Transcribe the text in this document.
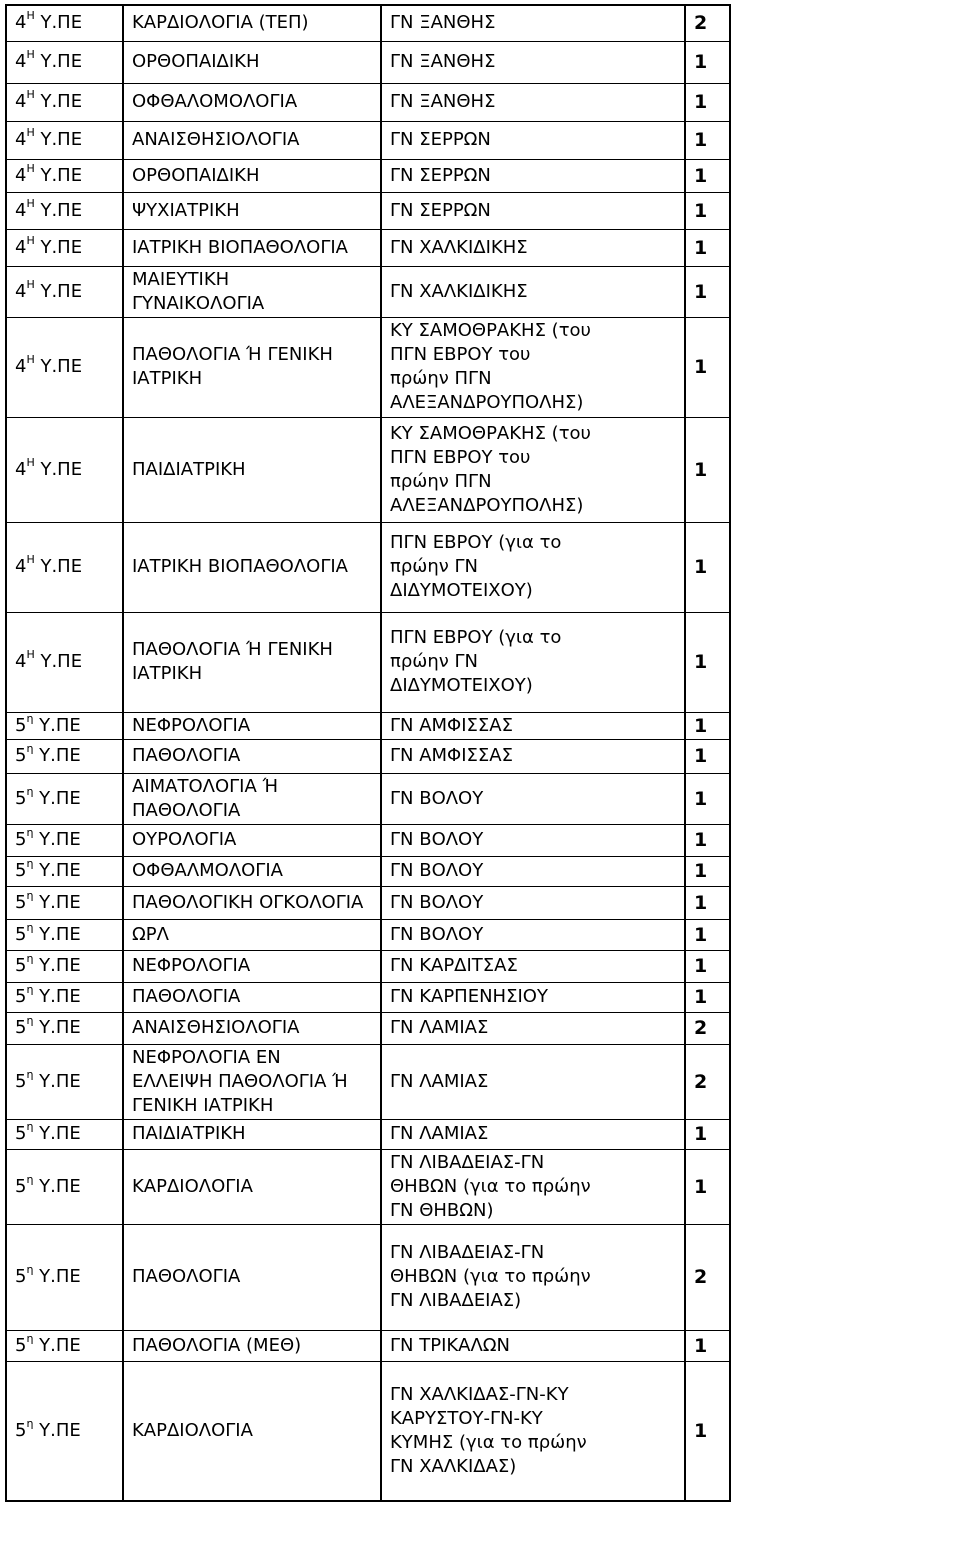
$4^H$ Υ.ΠΕ	ΚΑΡΔΙΟΛΟΓΙΑ (ΤΕΠ)	ΓΝ ΞΑΝΘΗΣ	2
$4^H$ Υ.ΠΕ	ΟΡΘΟΠΑΙΔΙΚΗ	ΓΝ ΞΑΝΘΗΣ	1
$4^H$ Υ.ΠΕ	ΟΦΘΑΛΟΜΟΛΟΓΙΑ	ΓΝ ΞΑΝΘΗΣ	1
$4^H$ Υ.ΠΕ	ΑΝΑΙΣΘΗΣΙΟΛΟΓΙΑ	ΓΝ ΣΕΡΡΩΝ	1
$4^H$ Υ.ΠΕ	ΟΡΘΟΠΑΙΔΙΚΗ	ΓΝ ΣΕΡΡΩΝ	1
$4^H$ Υ.ΠΕ	ΨΥΧΙΑΤΡΙΚΗ	ΓΝ ΣΕΡΡΩΝ	1
$4^H$ Υ.ΠΕ	ΙΑΤΡΙΚΗ ΒΙΟΠΑΘΟΛΟΓΙΑ	ΓΝ ΧΑΛΚΙΔΙΚΗΣ	1
$4^H$ Υ.ΠΕ	ΜΑΙΕΥΤΙΚΗ
ΓΥΝΑΙΚΟΛΟΓΙΑ	ΓΝ ΧΑΛΚΙΔΙΚΗΣ	1
$4^H$ Υ.ΠΕ	ΠΑΘΟΛΟΓΙΑ Ή ΓΕΝΙΚΗ
ΙΑΤΡΙΚΗ	ΚΥ ΣΑΜΟΘΡΑΚΗΣ (του
ΠΓΝ ΕΒΡΟΥ του
πρώην ΠΓΝ
ΑΛΕΞΑΝΔΡΟΥΠΟΛΗΣ)	1
$4^H$ Υ.ΠΕ	ΠΑΙΔΙΑΤΡΙΚΗ	ΚΥ ΣΑΜΟΘΡΑΚΗΣ (του
ΠΓΝ ΕΒΡΟΥ του
πρώην ΠΓΝ
ΑΛΕΞΑΝΔΡΟΥΠΟΛΗΣ)	1
$4^H$ Υ.ΠΕ	ΙΑΤΡΙΚΗ ΒΙΟΠΑΘΟΛΟΓΙΑ	ΠΓΝ ΕΒΡΟΥ (για το
πρώην ΓΝ
ΔΙΔΥΜΟΤΕΙΧΟΥ)	1
$4^H$ Υ.ΠΕ	ΠΑΘΟΛΟΓΙΑ Ή ΓΕΝΙΚΗ
ΙΑΤΡΙΚΗ	ΠΓΝ ΕΒΡΟΥ (για το
πρώην ΓΝ
ΔΙΔΥΜΟΤΕΙΧΟΥ)	1
$5^\eta$ Υ.ΠΕ	ΝΕΦΡΟΛΟΓΙΑ	ΓΝ ΑΜΦΙΣΣΑΣ	1
$5^\eta$ Υ.ΠΕ	ΠΑΘΟΛΟΓΙΑ	ΓΝ ΑΜΦΙΣΣΑΣ	1
$5^\eta$ Υ.ΠΕ	ΑΙΜΑΤΟΛΟΓΙΑ Ή
ΠΑΘΟΛΟΓΙΑ	ΓΝ ΒΟΛΟΥ	1
$5^\eta$ Υ.ΠΕ	ΟΥΡΟΛΟΓΙΑ	ΓΝ ΒΟΛΟΥ	1
$5^\eta$ Υ.ΠΕ	ΟΦΘΑΛΜΟΛΟΓΙΑ	ΓΝ ΒΟΛΟΥ	1
$5^\eta$ Υ.ΠΕ	ΠΑΘΟΛΟΓΙΚΗ ΟΓΚΟΛΟΓΙΑ	ΓΝ ΒΟΛΟΥ	1
$5^\eta$ Υ.ΠΕ	ΩΡΛ	ΓΝ ΒΟΛΟΥ	1
$5^\eta$ Υ.ΠΕ	ΝΕΦΡΟΛΟΓΙΑ	ΓΝ ΚΑΡΔΙΤΣΑΣ	1
$5^\eta$ Υ.ΠΕ	ΠΑΘΟΛΟΓΙΑ	ΓΝ ΚΑΡΠΕΝΗΣΙΟΥ	1
$5^\eta$ Υ.ΠΕ	ΑΝΑΙΣΘΗΣΙΟΛΟΓΙΑ	ΓΝ ΛΑΜΙΑΣ	2
$5^\eta$ Υ.ΠΕ	ΝΕΦΡΟΛΟΓΙΑ ΕΝ
ΕΛΛΕΙΨΗ ΠΑΘΟΛΟΓΙΑ Ή
ΓΕΝΙΚΗ ΙΑΤΡΙΚΗ	ΓΝ ΛΑΜΙΑΣ	2
$5^\eta$ Υ.ΠΕ	ΠΑΙΔΙΑΤΡΙΚΗ	ΓΝ ΛΑΜΙΑΣ	1
$5^\eta$ Υ.ΠΕ	ΚΑΡΔΙΟΛΟΓΙΑ	ΓΝ ΛΙΒΑΔΕΙΑΣ-ΓΝ
ΘΗΒΩΝ (για το πρώην
ΓΝ ΘΗΒΩΝ)	1
$5^\eta$ Υ.ΠΕ	ΠΑΘΟΛΟΓΙΑ	ΓΝ ΛΙΒΑΔΕΙΑΣ-ΓΝ
ΘΗΒΩΝ (για το πρώην
ΓΝ ΛΙΒΑΔΕΙΑΣ)	2
$5^\eta$ Υ.ΠΕ	ΠΑΘΟΛΟΓΙΑ (ΜΕΘ)	ΓΝ ΤΡΙΚΑΛΩΝ	1
$5^\eta$ Υ.ΠΕ	ΚΑΡΔΙΟΛΟΓΙΑ	ΓΝ ΧΑΛΚΙΔΑΣ-ΓΝ-ΚΥ
ΚΑΡΥΣΤΟΥ-ΓΝ-ΚΥ
ΚΥΜΗΣ (για το πρώην
ΓΝ ΧΑΛΚΙΔΑΣ)	1
